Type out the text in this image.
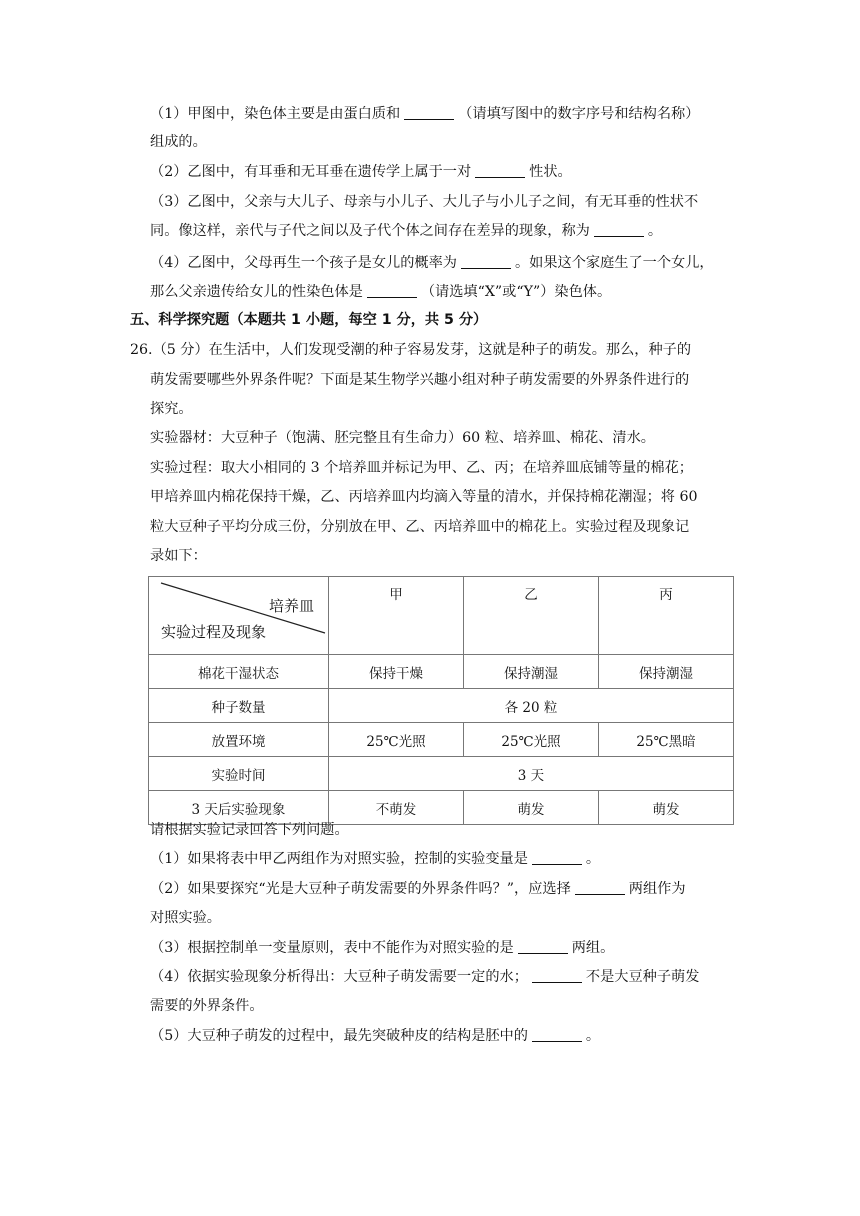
（1）甲图中，染色体主要是由蛋白质和	（请填写图中的数字序号和结构名称）
组成的。
（2）乙图中，有耳垂和无耳垂在遗传学上属于一对	性状。
（3）乙图中，父亲与大儿子、母亲与小儿子、大儿子与小儿子之间，有无耳垂的性状不
同。像这样，亲代与子代之间以及子代个体之间存在差异的现象，称为	。
（4）乙图中，父母再生一个孩子是女儿的概率为	。如果这个家庭生了一个女儿，
那么父亲遗传给女儿的性染色体是	（请选填“X”或“Y”）染色体。
五、科学探究题（本题共 1 小题，每空 1 分，共 5 分）
26.（5 分）在生活中，人们发现受潮的种子容易发芽，这就是种子的萌发。那么，种子的
萌发需要哪些外界条件呢？下面是某生物学兴趣小组对种子萌发需要的外界条件进行的
探究。
实验器材：大豆种子（饱满、胚完整且有生命力）60 粒、培养皿、棉花、清水。
实验过程：取大小相同的 3 个培养皿并标记为甲、乙、丙；在培养皿底铺等量的棉花；
甲培养皿内棉花保持干燥，乙、丙培养皿内均滴入等量的清水，并保持棉花潮湿；将 60
粒大豆种子平均分成三份，分别放在甲、乙、丙培养皿中的棉花上。实验过程及现象记
录如下：
培养皿
实验过程及现象	甲	乙	丙
棉花干湿状态	保持干燥	保持潮湿	保持潮湿
种子数量	各 20 粒		
放置环境	25℃光照	25℃光照	25℃黑暗
实验时间	3 天		
3 天后实验现象	不萌发	萌发	萌发
请根据实验记录回答下列问题。
（1）如果将表中甲乙两组作为对照实验，控制的实验变量是	。
（2）如果要探究“光是大豆种子萌发需要的外界条件吗？”，应选择	两组作为
对照实验。
（3）根据控制单一变量原则，表中不能作为对照实验的是	两组。
（4）依据实验现象分析得出：大豆种子萌发需要一定的水；	不是大豆种子萌发
需要的外界条件。
（5）大豆种子萌发的过程中，最先突破种皮的结构是胚中的	。
